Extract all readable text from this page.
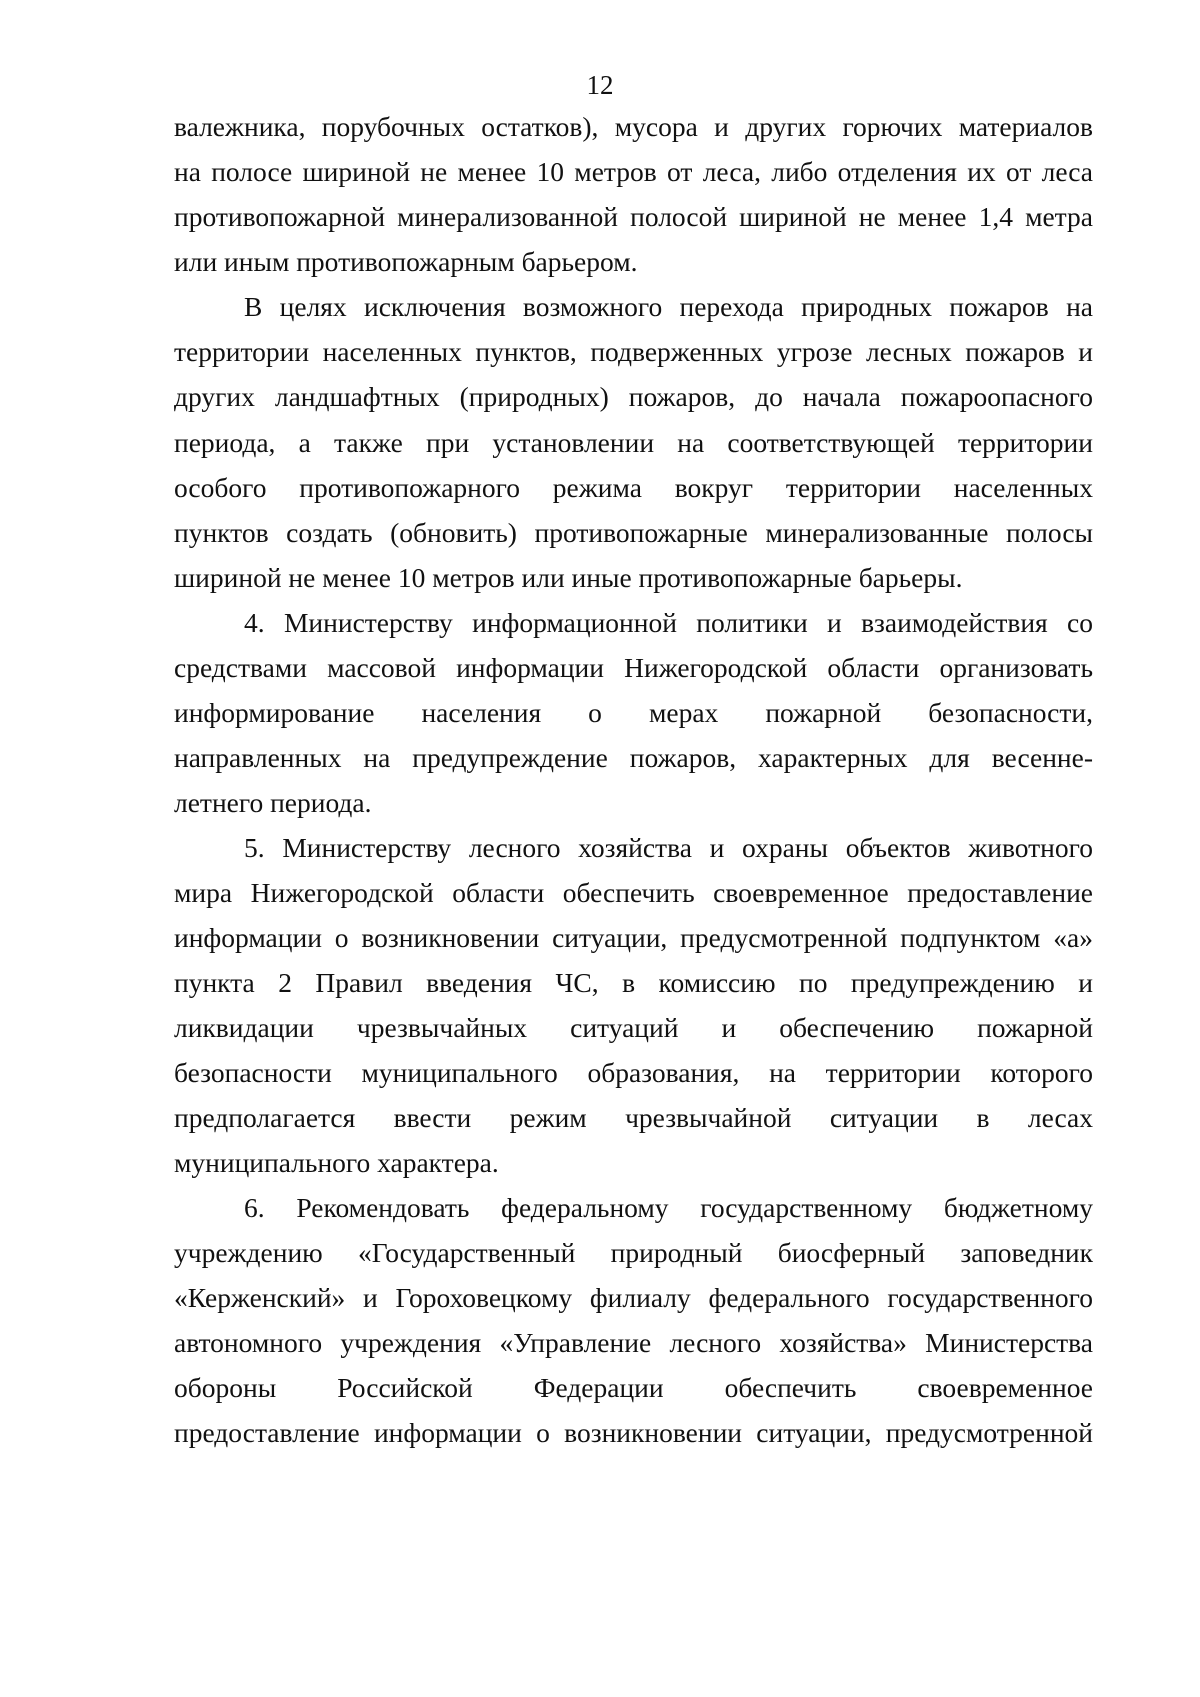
12
валежника, порубочных остатков), мусора и других горючих материалов
на полосе шириной не менее 10 метров от леса, либо отделения их от леса
противопожарной минерализованной полосой шириной не менее 1,4 метра
или иным противопожарным барьером.
В целях исключения возможного перехода природных пожаров на
территории населенных пунктов, подверженных угрозе лесных пожаров и
других ландшафтных (природных) пожаров, до начала пожароопасного
периода, а также при установлении на соответствующей территории
особого противопожарного режима вокруг территории населенных
пунктов создать (обновить) противопожарные минерализованные полосы
шириной не менее 10 метров или иные противопожарные барьеры.
4. Министерству информационной политики и взаимодействия со
средствами массовой информации Нижегородской области организовать
информирование населения о мерах пожарной безопасности,
направленных на предупреждение пожаров, характерных для весенне-
летнего периода.
5. Министерству лесного хозяйства и охраны объектов животного
мира Нижегородской области обеспечить своевременное предоставление
информации о возникновении ситуации, предусмотренной подпунктом «а»
пункта 2 Правил введения ЧС, в комиссию по предупреждению и
ликвидации чрезвычайных ситуаций и обеспечению пожарной
безопасности муниципального образования, на территории которого
предполагается ввести режим чрезвычайной ситуации в лесах
муниципального характера.
6. Рекомендовать федеральному государственному бюджетному
учреждению «Государственный природный биосферный заповедник
«Керженский» и Гороховецкому филиалу федерального государственного
автономного учреждения «Управление лесного хозяйства» Министерства
обороны Российской Федерации обеспечить своевременное
предоставление информации о возникновении ситуации, предусмотренной
